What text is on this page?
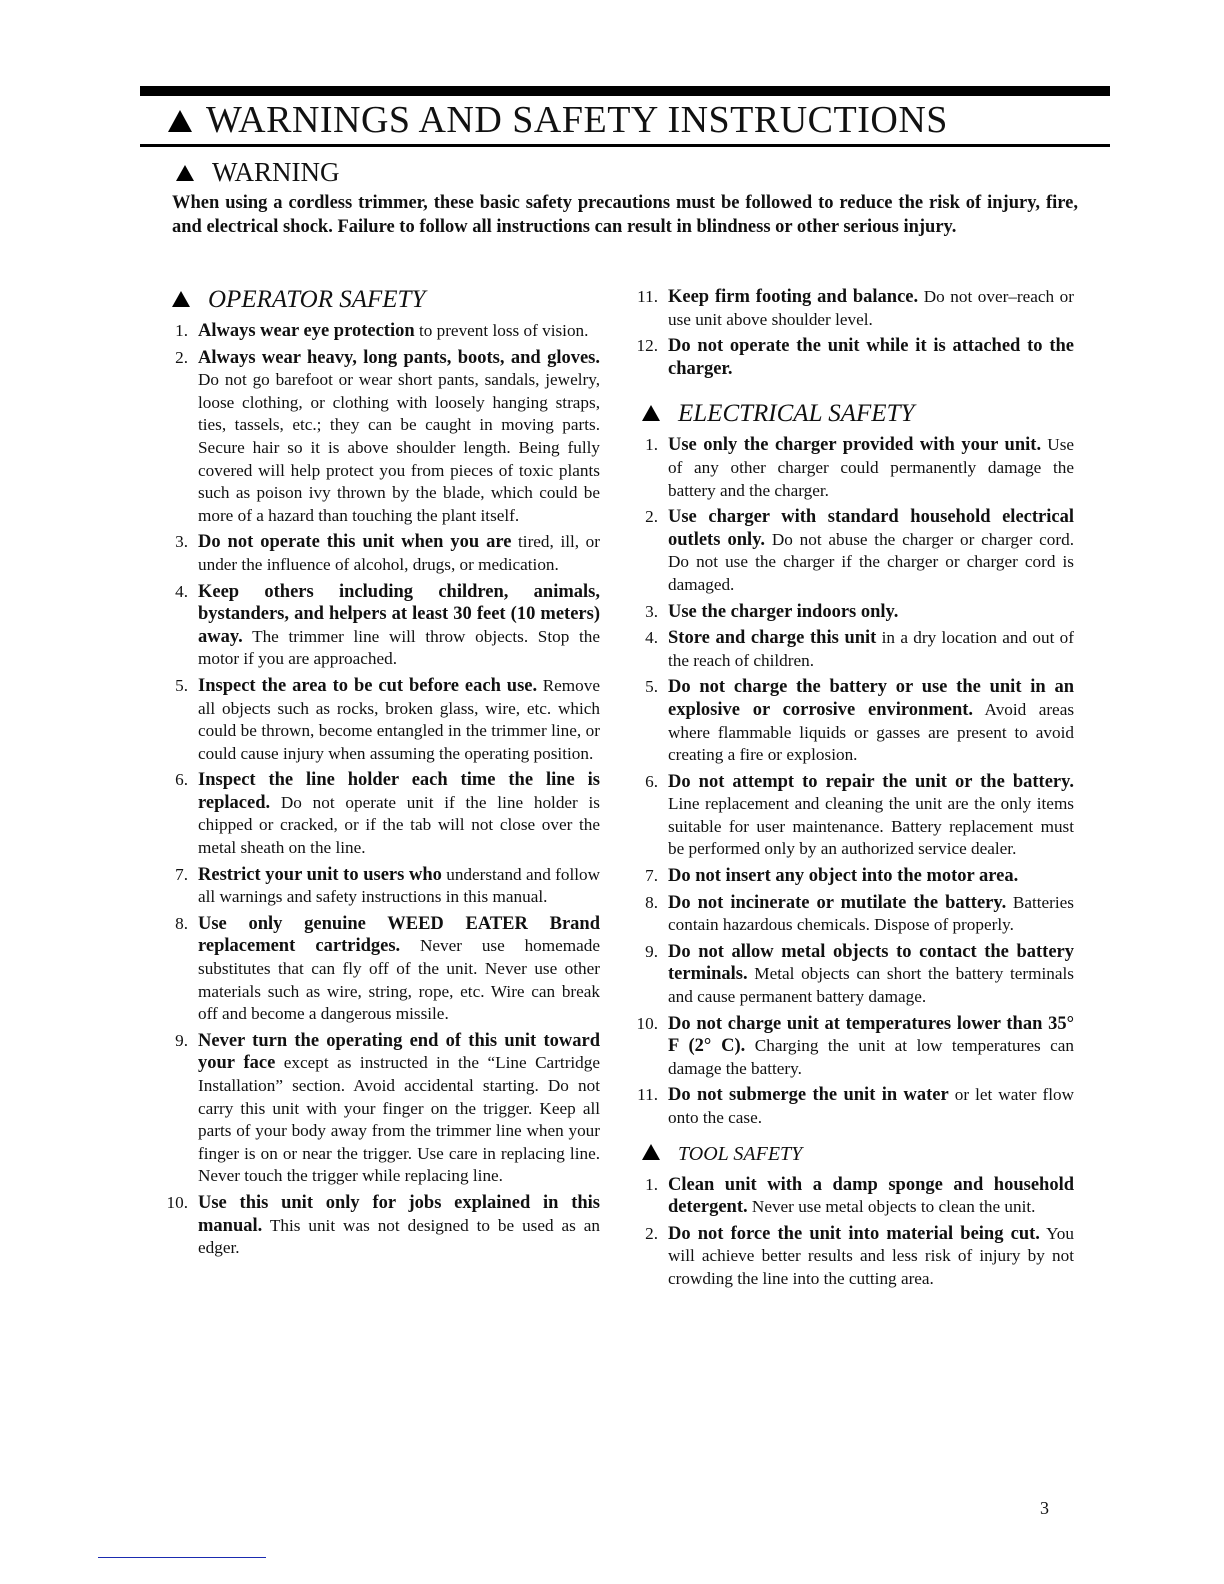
WARNINGS AND SAFETY INSTRUCTIONS
WARNING
When using a cordless trimmer, these basic safety precautions must be followed to reduce the risk of injury, fire, and electrical shock. Failure to follow all instructions can result in blindness or other serious injury.
OPERATOR SAFETY
1. Always wear eye protection to prevent loss of vision.
2. Always wear heavy, long pants, boots, and gloves. Do not go barefoot or wear short pants, sandals, jewelry, loose clothing, or clothing with loosely hanging straps, ties, tassels, etc.; they can be caught in moving parts. Secure hair so it is above shoulder length. Being fully covered will help protect you from pieces of toxic plants such as poison ivy thrown by the blade, which could be more of a hazard than touching the plant itself.
3. Do not operate this unit when you are tired, ill, or under the influence of alcohol, drugs, or medication.
4. Keep others including children, animals, bystanders, and helpers at least 30 feet (10 meters) away. The trimmer line will throw objects. Stop the motor if you are approached.
5. Inspect the area to be cut before each use. Remove all objects such as rocks, broken glass, wire, etc. which could be thrown, become entangled in the trimmer line, or could cause injury when assuming the operating position.
6. Inspect the line holder each time the line is replaced. Do not operate unit if the line holder is chipped or cracked, or if the tab will not close over the metal sheath on the line.
7. Restrict your unit to users who understand and follow all warnings and safety instructions in this manual.
8. Use only genuine WEED EATER Brand replacement cartridges. Never use homemade substitutes that can fly off of the unit. Never use other materials such as wire, string, rope, etc. Wire can break off and become a dangerous missile.
9. Never turn the operating end of this unit toward your face except as instructed in the “Line Cartridge Installation” section. Avoid accidental starting. Do not carry this unit with your finger on the trigger. Keep all parts of your body away from the trimmer line when your finger is on or near the trigger. Use care in replacing line. Never touch the trigger while replacing line.
10. Use this unit only for jobs explained in this manual. This unit was not designed to be used as an edger.
11. Keep firm footing and balance. Do not over–reach or use unit above shoulder level.
12. Do not operate the unit while it is attached to the charger.
ELECTRICAL SAFETY
1. Use only the charger provided with your unit. Use of any other charger could permanently damage the battery and the charger.
2. Use charger with standard household electrical outlets only. Do not abuse the charger or charger cord. Do not use the charger if the charger or charger cord is damaged.
3. Use the charger indoors only.
4. Store and charge this unit in a dry location and out of the reach of children.
5. Do not charge the battery or use the unit in an explosive or corrosive environment. Avoid areas where flammable liquids or gasses are present to avoid creating a fire or explosion.
6. Do not attempt to repair the unit or the battery. Line replacement and cleaning the unit are the only items suitable for user maintenance. Battery replacement must be performed only by an authorized service dealer.
7. Do not insert any object into the motor area.
8. Do not incinerate or mutilate the battery. Batteries contain hazardous chemicals. Dispose of properly.
9. Do not allow metal objects to contact the battery terminals. Metal objects can short the battery terminals and cause permanent battery damage.
10. Do not charge unit at temperatures lower than 35° F (2° C). Charging the unit at low temperatures can damage the battery.
11. Do not submerge the unit in water or let water flow onto the case.
TOOL SAFETY
1. Clean unit with a damp sponge and household detergent. Never use metal objects to clean the unit.
2. Do not force the unit into material being cut. You will achieve better results and less risk of injury by not crowding the line into the cutting area.
3
